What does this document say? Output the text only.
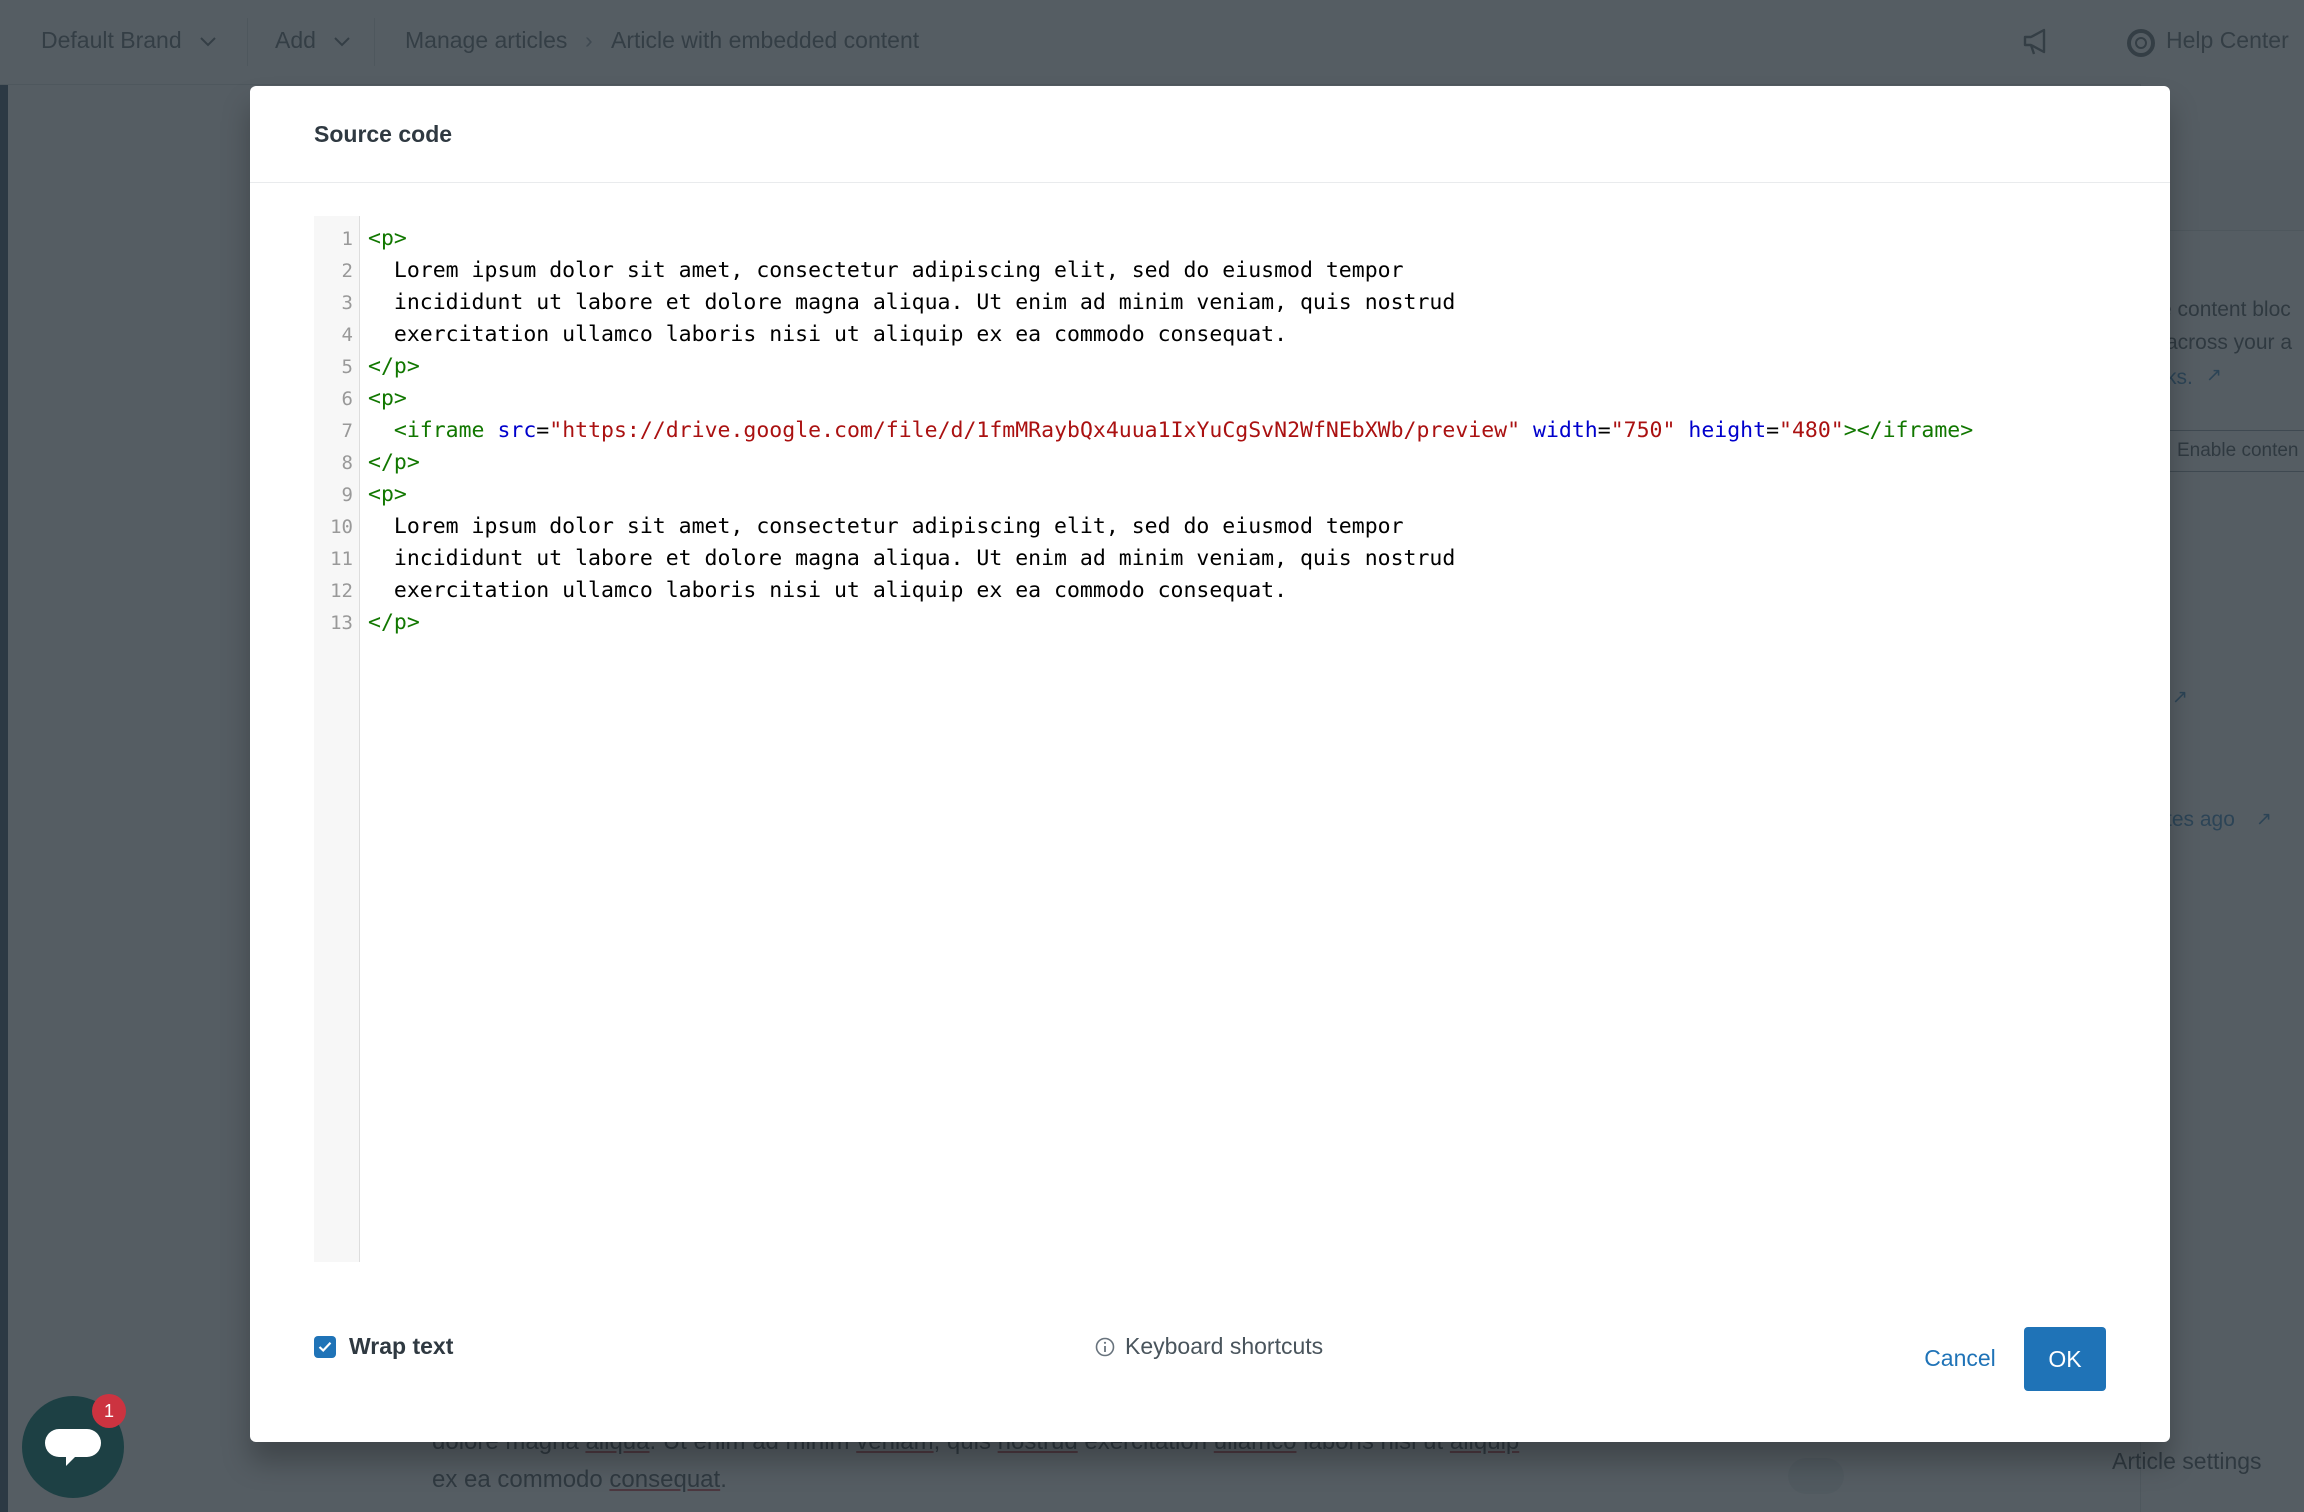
Source code
1
2
3
4
5
6
7
8
9
10
11
12
13
<p>
Lorem ipsum dolor sit amet, consectetur adipiscing elit, sed do eiusmod tempor
incididunt ut labore et dolore magna aliqua. Ut enim ad minim veniam, quis nostrud
exercitation ullamco laboris nisi ut aliquip ex ea commodo consequat.
</p>
<p>
<iframe src="https://drive.google.com/file/d/1fmMRaybQx4uua1IxYuCgSvN2WfNEbXWb/preview" width="750" height="480"></iframe>
</p>
<p>
Lorem ipsum dolor sit amet, consectetur adipiscing elit, sed do eiusmod tempor
incididunt ut labore et dolore magna aliqua. Ut enim ad minim veniam, quis nostrud
exercitation ullamco laboris nisi ut aliquip ex ea commodo consequat.
</p>
Wrap text	Keyboard shortcuts	Cancel	OK
1
